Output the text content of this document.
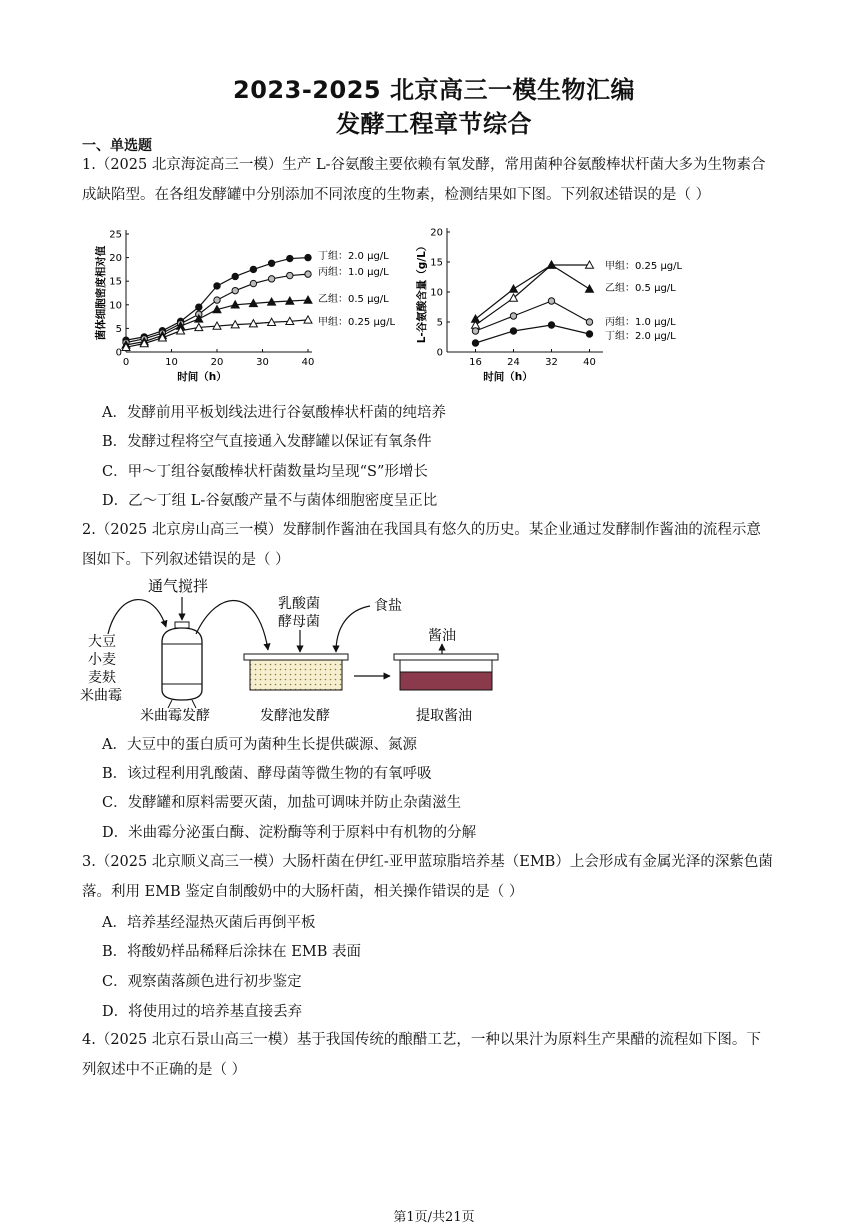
2023-2025 北京高三一模生物汇编
发酵工程章节综合
一、单选题
1.（2025 北京海淀高三一模）生产 L-谷氨酸主要依赖有氧发酵，常用菌种谷氨酸棒状杆菌大多为生物素合
成缺陷型。在各组发酵罐中分别添加不同浓度的生物素，检测结果如下图。下列叙述错误的是（ ）
0
5
10
15
20
25
0	10	20	30	40
时间（h）
菌体细胞密度相对值	丁组：2.0 μg/L
丙组：1.0 μg/L
乙组：0.5 μg/L
甲组：0.25 μg/L
0
5
10
15
20
16	24	32	40
时间（h）
L-谷氨酸含量（g/L）	甲组：0.25 μg/L
乙组：0.5 μg/L
丙组：1.0 μg/L
丁组：2.0 μg/L
A．发酵前用平板划线法进行谷氨酸棒状杆菌的纯培养
B．发酵过程将空气直接通入发酵罐以保证有氧条件
C．甲～丁组谷氨酸棒状杆菌数量均呈现“S”形增长
D．乙～丁组 L-谷氨酸产量不与菌体细胞密度呈正比
2.（2025 北京房山高三一模）发酵制作酱油在我国具有悠久的历史。某企业通过发酵制作酱油的流程示意
图如下。下列叙述错误的是（ ）
通气搅拌
大豆
小麦
麦麸
米曲霉
乳酸菌
酵母菌
食盐
酱油
米曲霉发酵	发酵池发酵	提取酱油
A．大豆中的蛋白质可为菌种生长提供碳源、氮源
B．该过程利用乳酸菌、酵母菌等微生物的有氧呼吸
C．发酵罐和原料需要灭菌，加盐可调味并防止杂菌滋生
D．米曲霉分泌蛋白酶、淀粉酶等利于原料中有机物的分解
3.（2025 北京顺义高三一模）大肠杆菌在伊红-亚甲蓝琼脂培养基（EMB）上会形成有金属光泽的深紫色菌
落。利用 EMB 鉴定自制酸奶中的大肠杆菌，相关操作错误的是（ ）
A．培养基经湿热灭菌后再倒平板
B．将酸奶样品稀释后涂抹在 EMB 表面
C．观察菌落颜色进行初步鉴定
D．将使用过的培养基直接丢弃
4.（2025 北京石景山高三一模）基于我国传统的酿醋工艺，一种以果汁为原料生产果醋的流程如下图。下
列叙述中不正确的是（ ）
第1页/共21页
